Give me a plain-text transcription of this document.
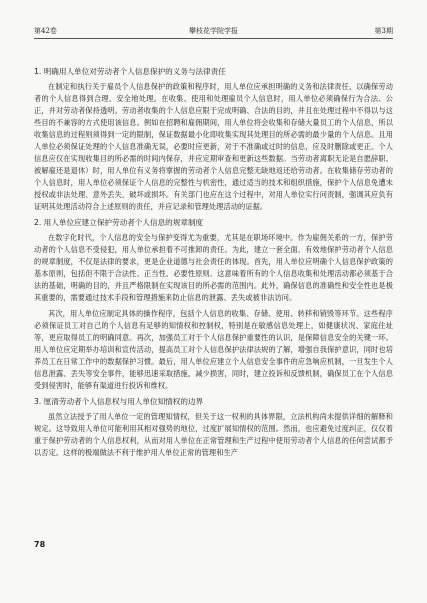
第42卷	攀枝花学院学报	第3期
1. 明确用人单位对劳动者个人信息保护的义务与法律责任

在制定和执行关于雇员个人信息保护的政策和程序时，用人单位应承担明确的义务和法律责任，以确保劳动者的个人信息得到合理、安全地处理。在收集、使用和处理雇员个人信息时，用人单位必须确保行为合法、公正，并对劳动者保持透明。劳动者收集的个人信息应限于完成明确、合法的目的，并且在处理过程中不得以与这些目的不兼容的方式使用该信息。例如在招聘和雇佣期间，用人单位将会收集和存储大量员工的个人信息，所以收集信息的过程则须得到一定的限制，保证数据最小化即收集实现其处理目的所必需的最少量的个人信息。且用人单位必须保证处理的个人信息准确无误，必要时应更新，对于不准确或过时的信息，应及时删除或更正。个人信息应仅在实现收集目的所必需的时间内保存，并应定期审查和更新这些数据。当劳动者离职无论是自愿辞职、被解雇还是退休）时，用人单位有义务将掌握的劳动者个人信息完整无缺地返还给劳动者。在收集储存劳动者的个人信息时，用人单位必须保证个人信息的完整性与机密性，通过适当的技术和组织措施，保护个人信息免遭未授权或非法处理、意外丢失、破坏或损坏。有关部门也应在这个过程中，对用人单位实行问责制，强调其应负有证明其处理活动符合上述原则的责任，并应记录和管理处理活动的证据。

2. 用人单位应建立保护劳动者个人信息的规章制度

在数字化时代，个人信息的安全与保护变得尤为重要，尤其是在职场环境中。作为雇佣关系的一方，保护劳动者的个人信息不受侵犯，用人单位承担着不可推卸的责任。为此，建立一套全面、有效地保护劳动者个人信息的规章制度，不仅是法律的要求，更是企业道德与社会责任的体现。首先，用人单位应明确个人信息保护政策的基本原则，包括但不限于合法性、正当性、必要性原则。这意味着所有的个人信息收集和处理活动都必须基于合法的基础，明确的目的，并且严格限制在实现该目的所必需的范围内。此外，确保信息的准确性和安全性也是极其重要的，需要通过技术手段和管理措施来防止信息的泄露、丢失或被非法访问。

其次，用人单位应制定具体的操作程序，包括个人信息的收集、存储、使用、转移和销毁等环节。这些程序必须保证员工对自己的个人信息有足够的知情权和控制权，特别是在敏感信息处理上，如健康状况、家庭住址等，更应取得员工的明确同意。再次，加强员工对于个人信息保护重要性的认识，是保障信息安全的关键一环。用人单位应定期举办培训和宣传活动，提高员工对个人信息保护法律法规的了解，增强自我保护意识，同时也培养员工在日常工作中的数据保护习惯。最后，用人单位应建立个人信息安全事件的应急响应机制，一旦发生个人信息泄露、丢失等安全事件，能够迅速采取措施，减少损害，同时，建立投诉和反馈机制，确保员工在个人信息受到侵害时，能够有渠道进行投诉和维权。

3. 厘清劳动者个人信息权与用人单位知情权的边界

虽然立法授予了用人单位一定的管理知情权，但关于这一权利的具体界限，立法机构尚未提供详细的解释和规定。这导致用人单位可能利用其相对强势的地位，过度扩展知情权的范围。然而，也应避免过度纠正，仅仅着重于保护劳动者的个人信息权利，从而对用人单位在正常管理和生产过程中使用劳动者个人信息的任何尝试都予以否定。这样的极端做法不利于维护用人单位正常的管理和生产

78
